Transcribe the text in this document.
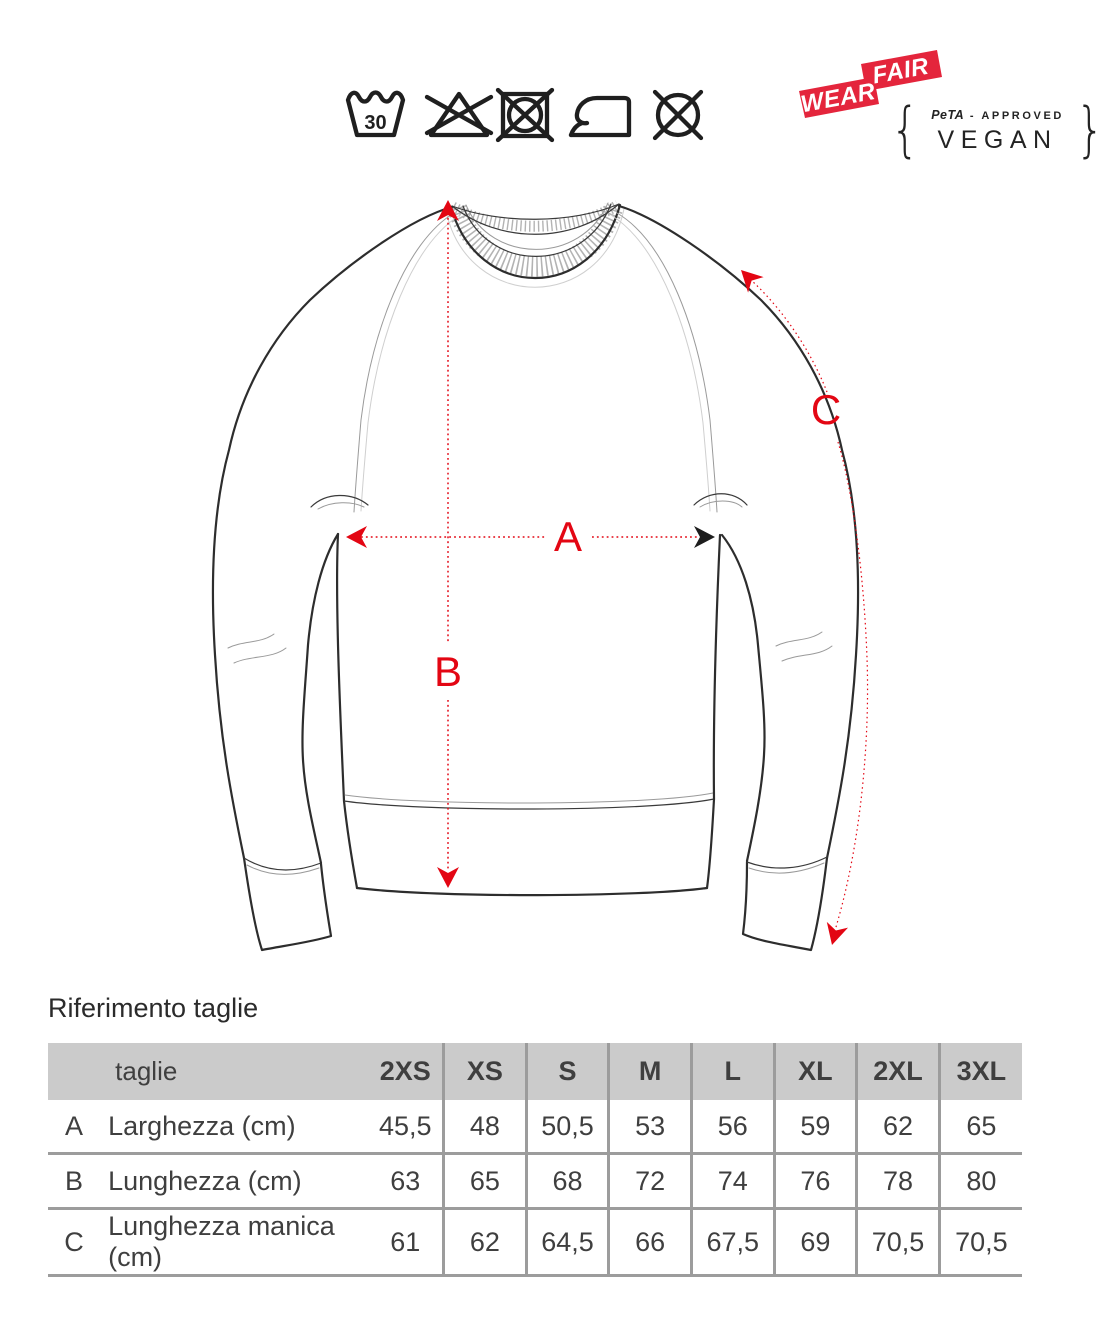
30
FAIR
WEAR { PeTA - APPROVED
VEGAN }
A
B
C
Riferimento taglie
taglie		2XS	XS	S	M	L	XL	2XL	3XL
A	Larghezza (cm)	45,5	48	50,5	53	56	59	62	65
B	Lunghezza (cm)	63	65	68	72	74	76	78	80
C	Lunghezza manica (cm)	61	62	64,5	66	67,5	69	70,5	70,5
